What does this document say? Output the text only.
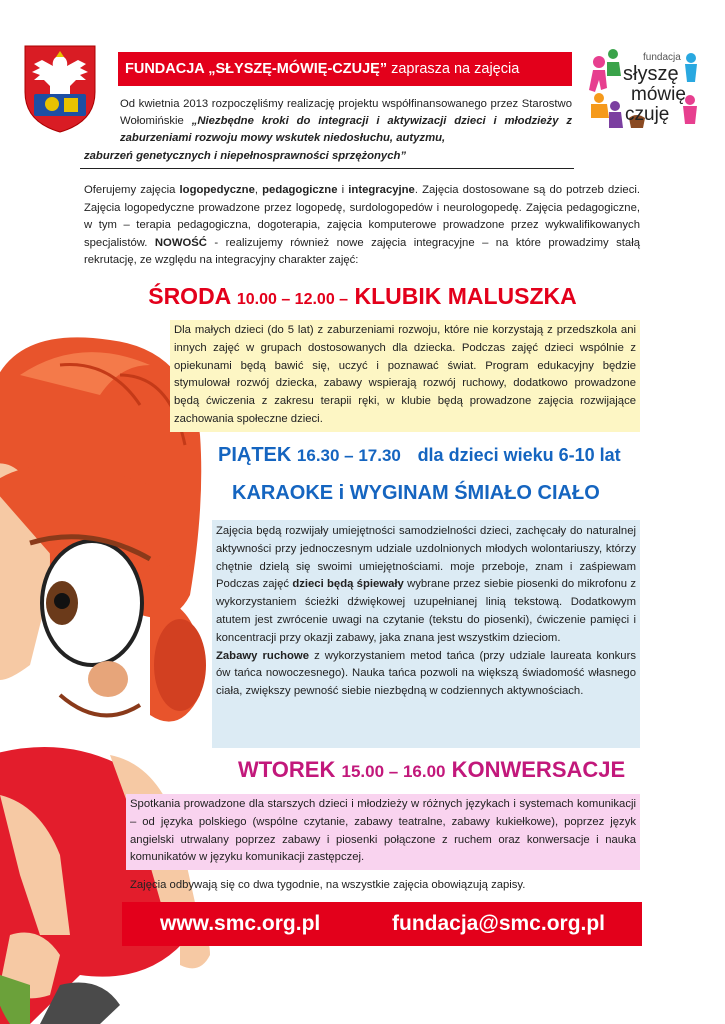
FUNDACJA „SŁYSZĘ-MÓWIĘ-CZUJĘ” zaprasza na zajęcia
fundacja
słyszę
mówię
czuję
Od kwietnia 2013 rozpoczęliśmy realizację projektu współfinansowanego przez Starostwo Wołomińskie „Niezbędne kroki do integracji i aktywizacji dzieci i młodzieży z zaburzeniami rozwoju mowy wskutek niedosłuchu, autyzmu,
zaburzeń genetycznych i niepełnosprawności sprzężonych”
Oferujemy zajęcia logopedyczne, pedagogiczne i integracyjne. Zajęcia dostosowane są do potrzeb dzieci. Zajęcia logopedyczne prowadzone przez logopedę, surdologopedów i neurologopedę. Zajęcia pedagogiczne, w tym – terapia pedagogiczna, dogoterapia, zajęcia komputerowe prowadzone przez wykwalifikowanych specjalistów. NOWOŚĆ - realizujemy również nowe zajęcia integracyjne – na które prowadzimy stałą rekrutację, ze względu na integracyjny charakter zajęć:
ŚRODA 10.00 – 12.00 – KLUBIK MALUSZKA
Dla małych dzieci (do 5 lat) z zaburzeniami rozwoju, które nie korzystają z przedszkola ani innych zajęć w grupach dostosowanych dla dziecka. Podczas zajęć dzieci wspólnie z opiekunami będą bawić się, uczyć i poznawać świat. Program edukacyjny będzie stymulował rozwój dziecka, zabawy wspierają rozwój ruchowy, dodatkowo prowadzone będą ćwiczenia z zakresu terapii ręki, w klubie będą prowadzone zajęcia rozwijające zachowania społeczne dzieci.
PIĄTEK 16.30 – 17.30 dla dzieci wieku 6-10 lat
KARAOKE i WYGINAM ŚMIAŁO CIAŁO
Zajęcia będą rozwijały umiejętności samodzielności dzieci, zachęcały do naturalnej aktywności przy jednoczesnym udziale uzdolnionych młodych wolontariuszy, którzy chętnie dzielą się swoimi umiejętnościami. moje przeboje, znam i zaśpiewam Podczas zajęć dzieci będą śpiewały wybrane przez siebie piosenki do mikrofonu z wykorzystaniem ścieżki dźwiękowej uzupełnianej linią tekstową. Dodatkowym atutem jest zwrócenie uwagi na czytanie (tekstu do piosenki), ćwiczenie pamięci i koncentracji przy okazji zabawy, jaka znana jest wszystkim dzieciom.
Zabawy ruchowe z wykorzystaniem metod tańca (przy udziale laureata konkurs ów tańca nowoczesnego). Nauka tańca pozwoli na większą świadomość własnego ciała, zwiększy pewność siebie niezbędną w codziennych aktywnościach.
WTOREK 15.00 – 16.00 KONWERSACJE
Spotkania prowadzone dla starszych dzieci i młodzieży w różnych językach i systemach komunikacji – od języka polskiego (wspólne czytanie, zabawy teatralne, zabawy kukiełkowe), poprzez język angielski utrwalany poprzez zabawy i piosenki połączone z ruchem oraz konwersacje i nauka komunikatów w języku komunikacji zastępczej.
Zajęcia odbywają się co dwa tygodnie, na wszystkie zajęcia obowiązują zapisy.
www.smc.org.pl	fundacja@smc.org.pl
